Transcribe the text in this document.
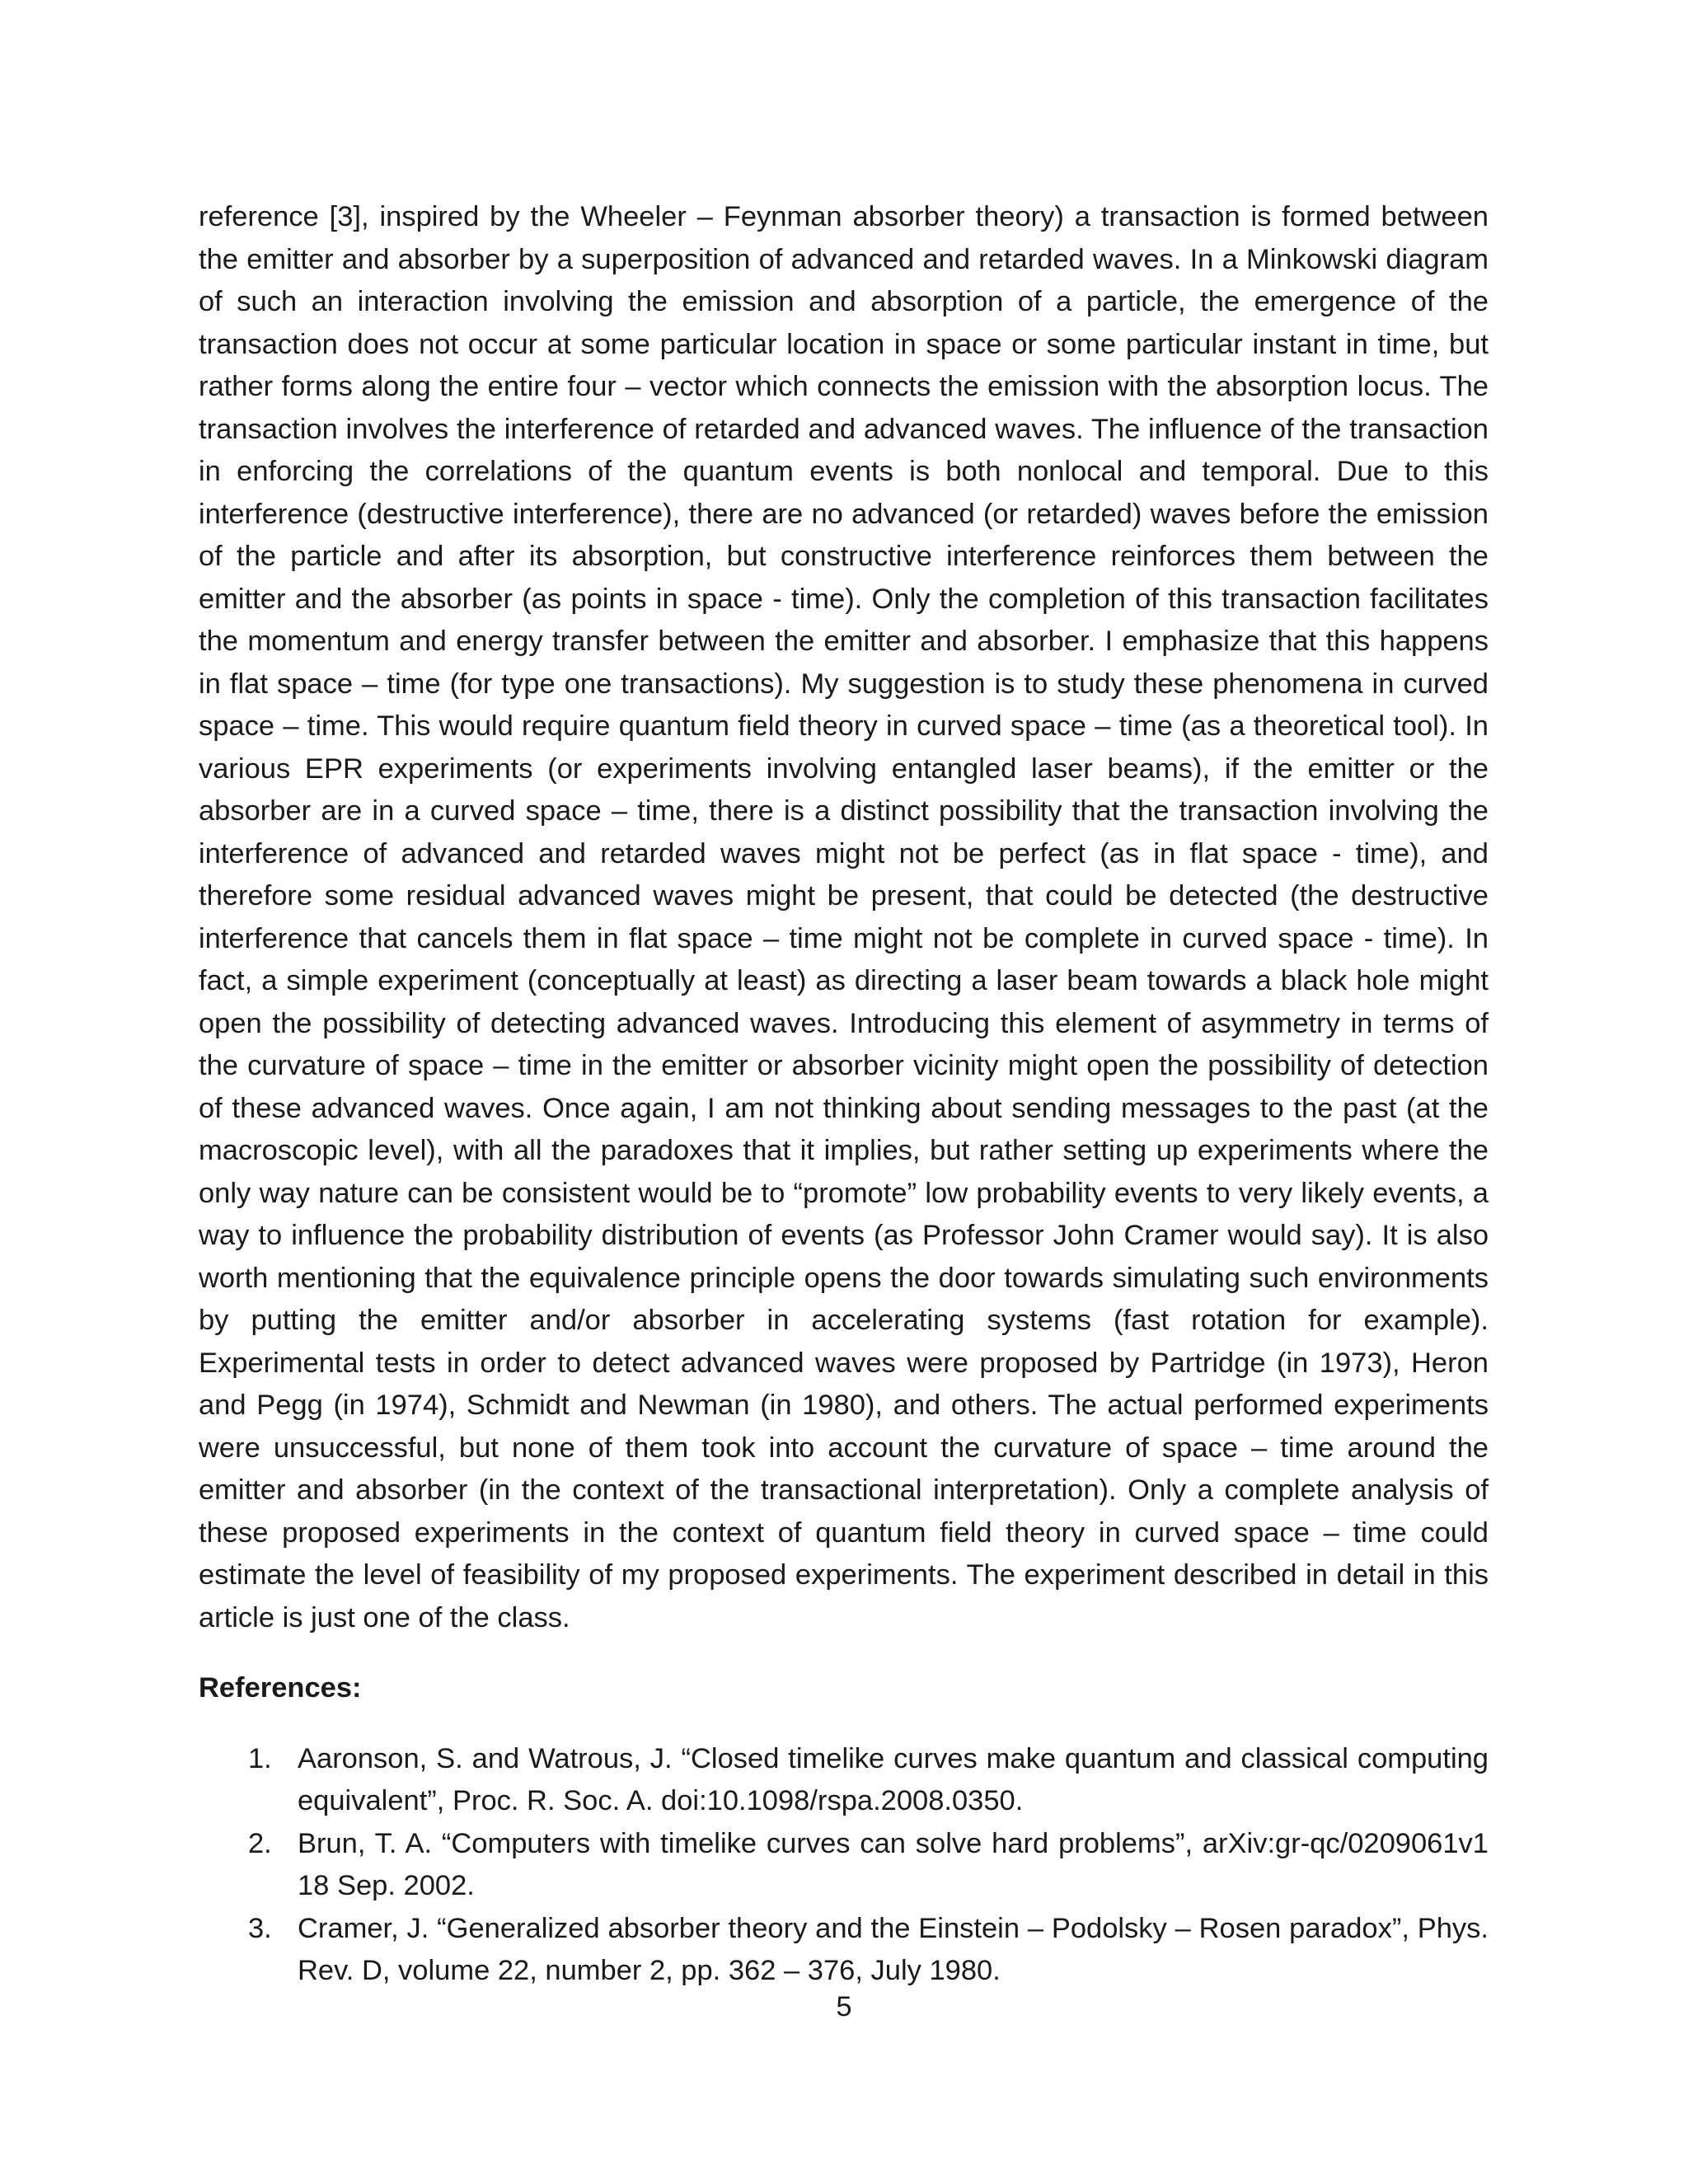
reference [3], inspired by the Wheeler – Feynman absorber theory) a transaction is formed between the emitter and absorber by a superposition of advanced and retarded waves. In a Minkowski diagram of such an interaction involving the emission and absorption of a particle, the emergence of the transaction does not occur at some particular location in space or some particular instant in time, but rather forms along the entire four – vector which connects the emission with the absorption locus. The transaction involves the interference of retarded and advanced waves. The influence of the transaction in enforcing the correlations of the quantum events is both nonlocal and temporal. Due to this interference (destructive interference), there are no advanced (or retarded) waves before the emission of the particle and after its absorption, but constructive interference reinforces them between the emitter and the absorber (as points in space - time). Only the completion of this transaction facilitates the momentum and energy transfer between the emitter and absorber. I emphasize that this happens in flat space – time (for type one transactions). My suggestion is to study these phenomena in curved space – time. This would require quantum field theory in curved space – time (as a theoretical tool). In various EPR experiments (or experiments involving entangled laser beams), if the emitter or the absorber are in a curved space – time, there is a distinct possibility that the transaction involving the interference of advanced and retarded waves might not be perfect (as in flat space - time), and therefore some residual advanced waves might be present, that could be detected (the destructive interference that cancels them in flat space – time might not be complete in curved space - time). In fact, a simple experiment (conceptually at least) as directing a laser beam towards a black hole might open the possibility of detecting advanced waves. Introducing this element of asymmetry in terms of the curvature of space – time in the emitter or absorber vicinity might open the possibility of detection of these advanced waves. Once again, I am not thinking about sending messages to the past (at the macroscopic level), with all the paradoxes that it implies, but rather setting up experiments where the only way nature can be consistent would be to “promote” low probability events to very likely events, a way to influence the probability distribution of events (as Professor John Cramer would say). It is also worth mentioning that the equivalence principle opens the door towards simulating such environments by putting the emitter and/or absorber in accelerating systems (fast rotation for example). Experimental tests in order to detect advanced waves were proposed by Partridge (in 1973), Heron and Pegg (in 1974), Schmidt and Newman (in 1980), and others. The actual performed experiments were unsuccessful, but none of them took into account the curvature of space – time around the emitter and absorber (in the context of the transactional interpretation). Only a complete analysis of these proposed experiments in the context of quantum field theory in curved space – time could estimate the level of feasibility of my proposed experiments. The experiment described in detail in this article is just one of the class.

References:
1. Aaronson, S. and Watrous, J. “Closed timelike curves make quantum and classical computing equivalent”, Proc. R. Soc. A. doi:10.1098/rspa.2008.0350.
2. Brun, T. A. “Computers with timelike curves can solve hard problems”, arXiv:gr-qc/0209061v1 18 Sep. 2002.
3. Cramer, J. “Generalized absorber theory and the Einstein – Podolsky – Rosen paradox”, Phys. Rev. D, volume 22, number 2, pp. 362 – 376, July 1980.
5
